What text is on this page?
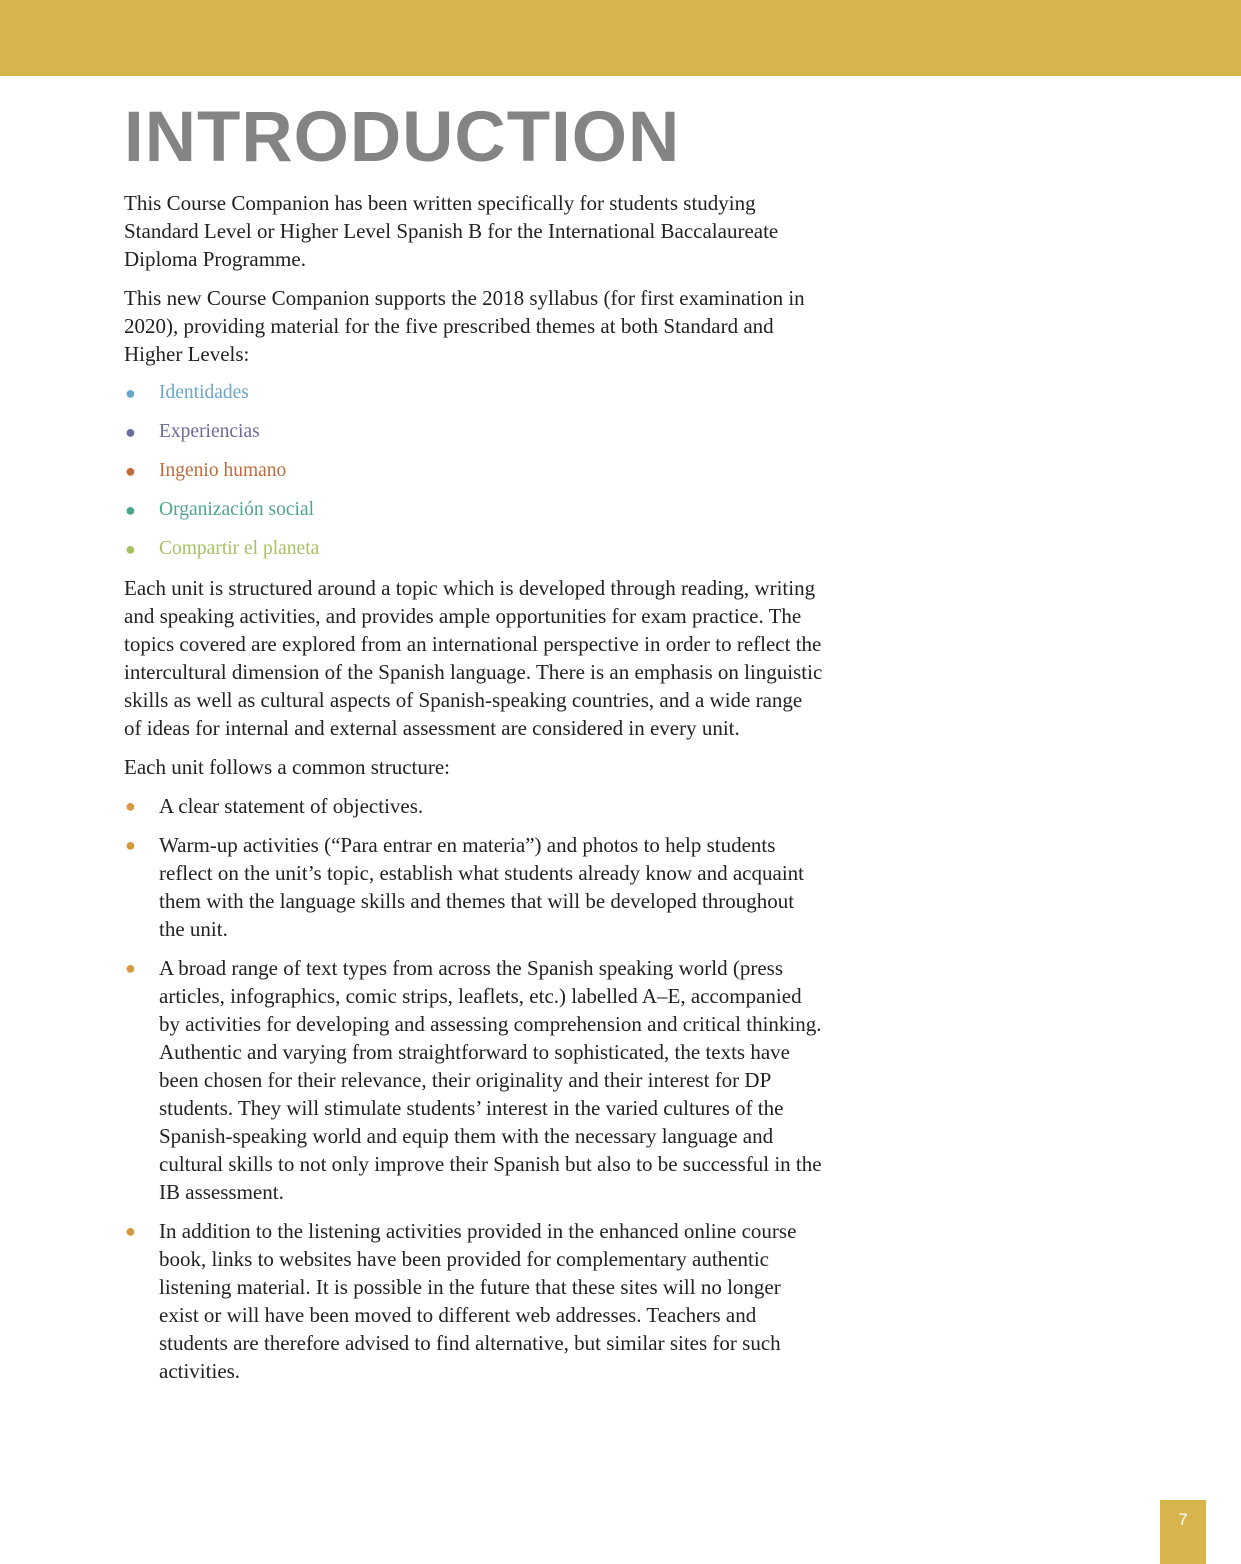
INTRODUCTION

This Course Companion has been written specifically for students studying Standard Level or Higher Level Spanish B for the International Baccalaureate Diploma Programme.

This new Course Companion supports the 2018 syllabus (for first examination in 2020), providing material for the five prescribed themes at both Standard and Higher Levels:

● Identidades
● Experiencias
● Ingenio humano
● Organización social
● Compartir el planeta

Each unit is structured around a topic which is developed through reading, writing and speaking activities, and provides ample opportunities for exam practice. The topics covered are explored from an international perspective in order to reflect the intercultural dimension of the Spanish language. There is an emphasis on linguistic skills as well as cultural aspects of Spanish-speaking countries, and a wide range of ideas for internal and external assessment are considered in every unit.

Each unit follows a common structure:

● A clear statement of objectives.
● Warm-up activities (“Para entrar en materia”) and photos to help students reflect on the unit’s topic, establish what students already know and acquaint them with the language skills and themes that will be developed throughout the unit.
● A broad range of text types from across the Spanish speaking world (press articles, infographics, comic strips, leaflets, etc.) labelled A–E, accompanied by activities for developing and assessing comprehension and critical thinking. Authentic and varying from straightforward to sophisticated, the texts have been chosen for their relevance, their originality and their interest for DP students. They will stimulate students’ interest in the varied cultures of the Spanish-speaking world and equip them with the necessary language and cultural skills to not only improve their Spanish but also to be successful in the IB assessment.
● In addition to the listening activities provided in the enhanced online course book, links to websites have been provided for complementary authentic listening material. It is possible in the future that these sites will no longer exist or will have been moved to different web addresses. Teachers and students are therefore advised to find alternative, but similar sites for such activities.
7
